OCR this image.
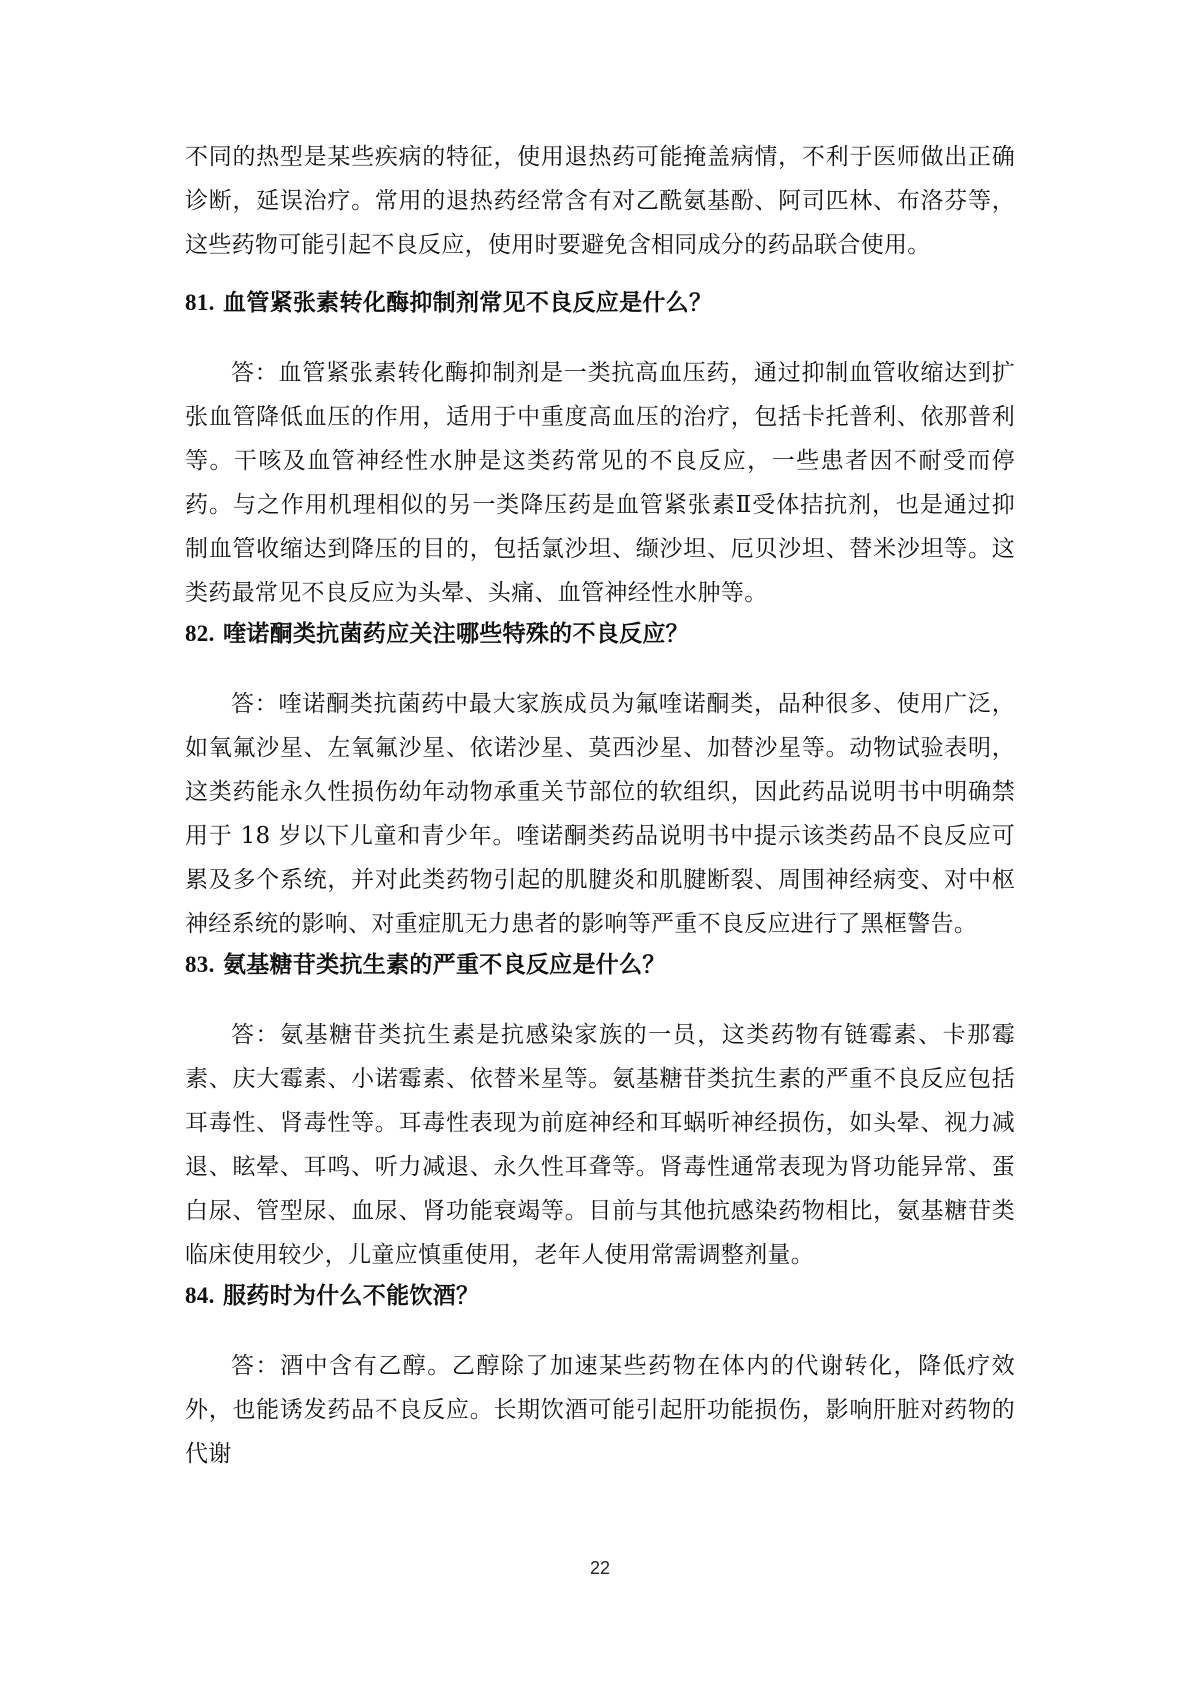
不同的热型是某些疾病的特征，使用退热药可能掩盖病情，不利于医师做出正确诊断，延误治疗。常用的退热药经常含有对乙酰氨基酚、阿司匹林、布洛芬等，这些药物可能引起不良反应，使用时要避免含相同成分的药品联合使用。

81. 血管紧张素转化酶抑制剂常见不良反应是什么？

答：血管紧张素转化酶抑制剂是一类抗高血压药，通过抑制血管收缩达到扩张血管降低血压的作用，适用于中重度高血压的治疗，包括卡托普利、依那普利等。干咳及血管神经性水肿是这类药常见的不良反应，一些患者因不耐受而停药。与之作用机理相似的另一类降压药是血管紧张素Ⅱ受体拮抗剂，也是通过抑制血管收缩达到降压的目的，包括氯沙坦、缬沙坦、厄贝沙坦、替米沙坦等。这类药最常见不良反应为头晕、头痛、血管神经性水肿等。

82. 喹诺酮类抗菌药应关注哪些特殊的不良反应？

答：喹诺酮类抗菌药中最大家族成员为氟喹诺酮类，品种很多、使用广泛，如氧氟沙星、左氧氟沙星、依诺沙星、莫西沙星、加替沙星等。动物试验表明，这类药能永久性损伤幼年动物承重关节部位的软组织，因此药品说明书中明确禁用于 18 岁以下儿童和青少年。喹诺酮类药品说明书中提示该类药品不良反应可累及多个系统，并对此类药物引起的肌腱炎和肌腱断裂、周围神经病变、对中枢神经系统的影响、对重症肌无力患者的影响等严重不良反应进行了黑框警告。

83. 氨基糖苷类抗生素的严重不良反应是什么？

答：氨基糖苷类抗生素是抗感染家族的一员，这类药物有链霉素、卡那霉素、庆大霉素、小诺霉素、依替米星等。氨基糖苷类抗生素的严重不良反应包括耳毒性、肾毒性等。耳毒性表现为前庭神经和耳蜗听神经损伤，如头晕、视力减退、眩晕、耳鸣、听力减退、永久性耳聋等。肾毒性通常表现为肾功能异常、蛋白尿、管型尿、血尿、肾功能衰竭等。目前与其他抗感染药物相比，氨基糖苷类临床使用较少，儿童应慎重使用，老年人使用常需调整剂量。

84. 服药时为什么不能饮酒？

答：酒中含有乙醇。乙醇除了加速某些药物在体内的代谢转化，降低疗效外，也能诱发药品不良反应。长期饮酒可能引起肝功能损伤，影响肝脏对药物的代谢

22
